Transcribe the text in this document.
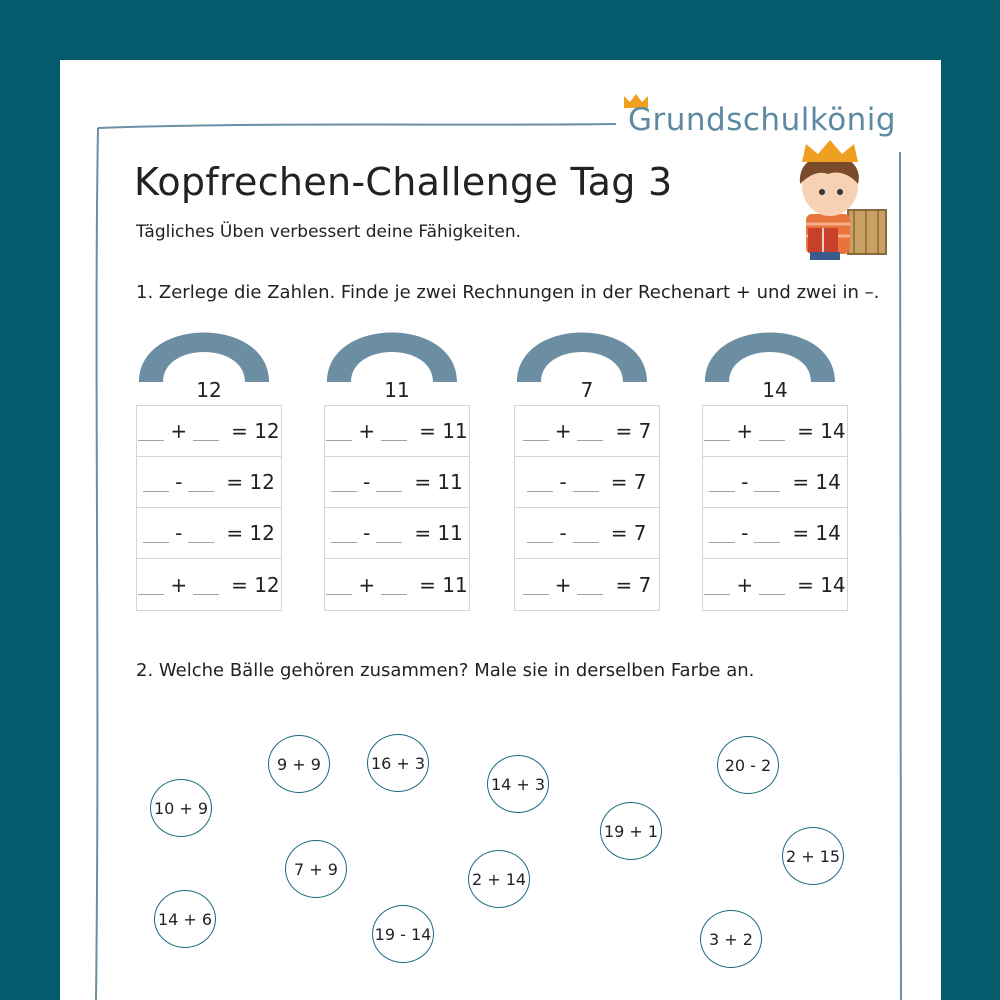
Grundschulkönig
Kopfrechen-Challenge Tag 3
Tägliches Üben verbessert deine Fähigkeiten.
1. Zerlege die Zahlen. Finde je zwei Rechnungen in der Rechenart + und zwei in –.
12
+ = 12
- = 12
- = 12
+ = 12
11
+ = 11
- = 11
- = 11
+ = 11
7
+ = 7
- = 7
- = 7
+ = 7
14
+ = 14
- = 14
- = 14
+ = 14
2. Welche Bälle gehören zusammen? Male sie in derselben Farbe an.
9 + 9	16 + 3
14 + 3
20 - 2
10 + 9
19 + 1
2 + 15
7 + 9
2 + 14
14 + 6
19 - 14	3 + 2
